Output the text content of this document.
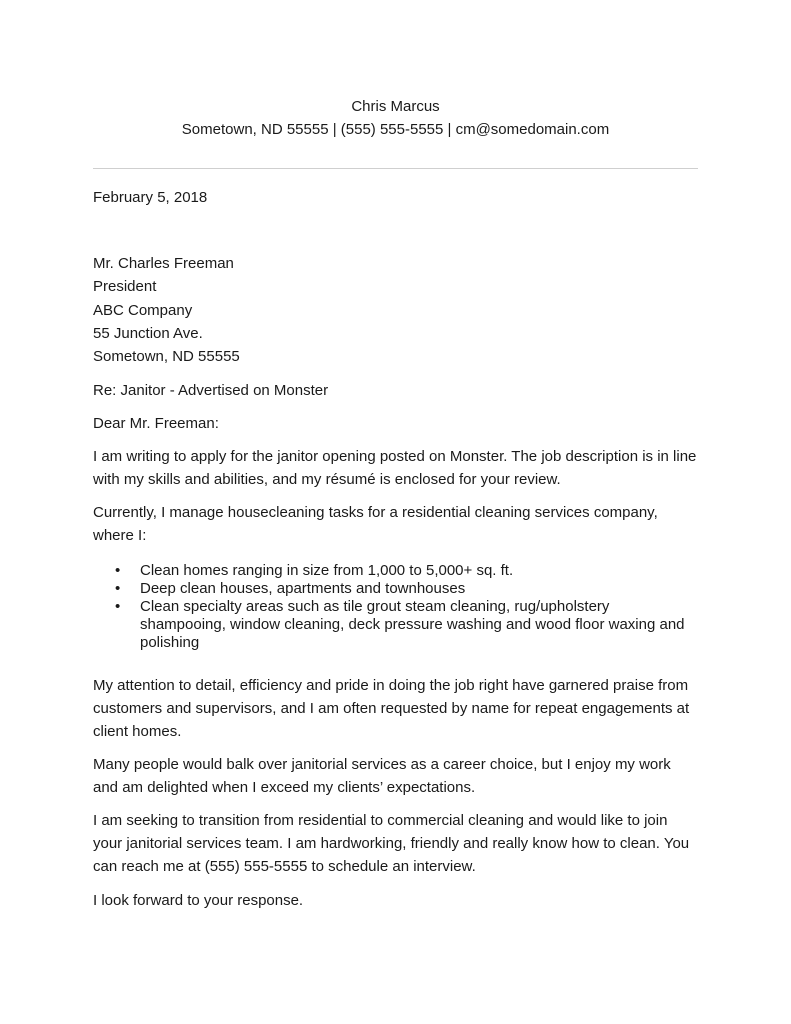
Chris Marcus
Sometown, ND 55555 | (555) 555-5555 | cm@somedomain.com

February 5, 2018

Mr. Charles Freeman

President

ABC Company

55 Junction Ave.

Sometown, ND 55555

Re: Janitor - Advertised on Monster

Dear Mr. Freeman:

I am writing to apply for the janitor opening posted on Monster. The job description is in line with my skills and abilities, and my résumé is enclosed for your review.

Currently, I manage housecleaning tasks for a residential cleaning services company, where I:

• Clean homes ranging in size from 1,000 to 5,000+ sq. ft.
• Deep clean houses, apartments and townhouses
• Clean specialty areas such as tile grout steam cleaning, rug/upholstery shampooing, window cleaning, deck pressure washing and wood floor waxing and polishing

My attention to detail, efficiency and pride in doing the job right have garnered praise from customers and supervisors, and I am often requested by name for repeat engagements at client homes.

Many people would balk over janitorial services as a career choice, but I enjoy my work and am delighted when I exceed my clients’ expectations.

I am seeking to transition from residential to commercial cleaning and would like to join your janitorial services team. I am hardworking, friendly and really know how to clean. You can reach me at (555) 555-5555 to schedule an interview.

I look forward to your response.
